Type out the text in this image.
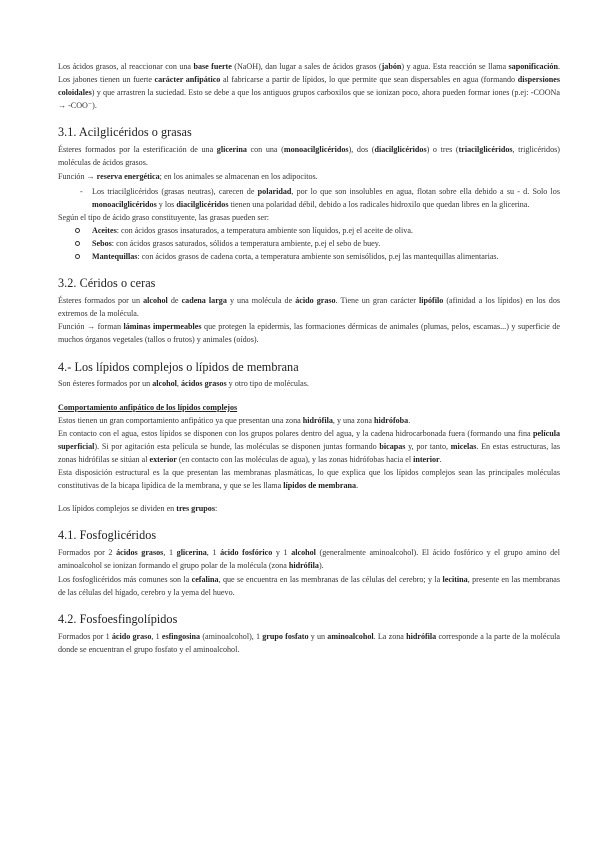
Los ácidos grasos, al reaccionar con una base fuerte (NaOH), dan lugar a sales de ácidos grasos (jabón) y agua. Esta reacción se llama saponificación. Los jabones tienen un fuerte carácter anfipático al fabricarse a partir de lípidos, lo que permite que sean dispersables en agua (formando dispersiones coloidales) y que arrastren la suciedad. Esto se debe a que los antiguos grupos carboxilos que se ionizan poco, ahora pueden formar iones (p.ej: -COONa → -COO⁻).

3.1. Acilglicéridos o grasas

Ésteres formados por la esterificación de una glicerina con una (monoacilglicéridos), dos (diacilglicéridos) o tres (triacilglicéridos, triglicéridos) moléculas de ácidos grasos.

Función → reserva energética; en los animales se almacenan en los adipocitos.

- Los triacilglicéridos (grasas neutras), carecen de polaridad, por lo que son insolubles en agua, flotan sobre ella debido a su - d. Solo los monoacilglicéridos y los diacilglicéridos tienen una polaridad débil, debido a los radicales hidroxilo que quedan libres en la glicerina.

Según el tipo de ácido graso constituyente, las grasas pueden ser:

Aceites: con ácidos grasos insaturados, a temperatura ambiente son líquidos, p.ej el aceite de oliva.
Sebos: con ácidos grasos saturados, sólidos a temperatura ambiente, p.ej el sebo de buey.
Mantequillas: con ácidos grasos de cadena corta, a temperatura ambiente son semisólidos, p.ej las mantequillas alimentarias.
3.2. Céridos o ceras

Ésteres formados por un alcohol de cadena larga y una molécula de ácido graso. Tiene un gran carácter lipófilo (afinidad a los lípidos) en los dos extremos de la molécula.

Función → forman láminas impermeables que protegen la epidermis, las formaciones dérmicas de animales (plumas, pelos, escamas...) y superficie de muchos órganos vegetales (tallos o frutos) y animales (oídos).

4.- Los lípidos complejos o lípidos de membrana

Son ésteres formados por un alcohol, ácidos grasos y otro tipo de moléculas.

Comportamiento anfipático de los lípidos complejos

Estos tienen un gran comportamiento anfipático ya que presentan una zona hidrófila, y una zona hidrófoba.

En contacto con el agua, estos lípidos se disponen con los grupos polares dentro del agua, y la cadena hidrocarbonada fuera (formando una fina película superficial). Si por agitación esta película se hunde, las moléculas se disponen juntas formando bicapas y, por tanto, micelas. En estas estructuras, las zonas hidrófilas se sitúan al exterior (en contacto con las moléculas de agua), y las zonas hidrófobas hacia el interior.

Esta disposición estructural es la que presentan las membranas plasmáticas, lo que explica que los lípidos complejos sean las principales moléculas constitutivas de la bicapa lipídica de la membrana, y que se les llama lípidos de membrana.

Los lípidos complejos se dividen en tres grupos:

4.1. Fosfoglicéridos

Formados por 2 ácidos grasos, 1 glicerina, 1 ácido fosfórico y 1 alcohol (generalmente aminoalcohol). El ácido fosfórico y el grupo amino del aminoalcohol se ionizan formando el grupo polar de la molécula (zona hidrófila).

Los fosfoglicéridos más comunes son la cefalina, que se encuentra en las membranas de las células del cerebro; y la lecitina, presente en las membranas de las células del hígado, cerebro y la yema del huevo.

4.2. Fosfoesfingolípidos

Formados por 1 ácido graso, 1 esfingosina (aminoalcohol), 1 grupo fosfato y un aminoalcohol. La zona hidrófila corresponde a la parte de la molécula donde se encuentran el grupo fosfato y el aminoalcohol.
